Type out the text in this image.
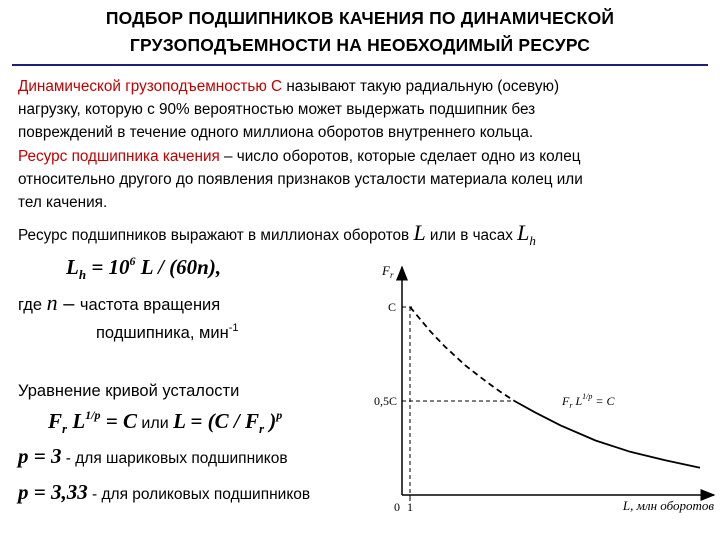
ПОДБОР ПОДШИПНИКОВ КАЧЕНИЯ ПО ДИНАМИЧЕСКОЙ
ГРУЗОПОДЪЕМНОСТИ НА НЕОБХОДИМЫЙ РЕСУРС
Динамической грузоподъемностью С называют такую радиальную (осевую)
нагрузку, которую с 90% вероятностью может выдержать подшипник без
повреждений в течение одного миллиона оборотов внутреннего кольца.
Ресурс подшипника качения – число оборотов, которые сделает одно из колец
относительно другого до появления признаков усталости материала колец или
тел качения.
Ресурс подшипников выражают в миллионах оборотов L или в часах $L_h$
$L_h = 10^6$ L / (60n),
где n – частота вращения
подшипника, мин$^{-1}$
Уравнение кривой усталости
$F_r$ $L^{1/p} = C$ или $L = (C / F_r$ )$^p$
p = 3 - для шариковых подшипников
p = 3,33 - для роликовых подшипников
$F_r$
C
0,5C
0 1	L, млн оборотов
$F_r$ $L^{1/p} = C$
